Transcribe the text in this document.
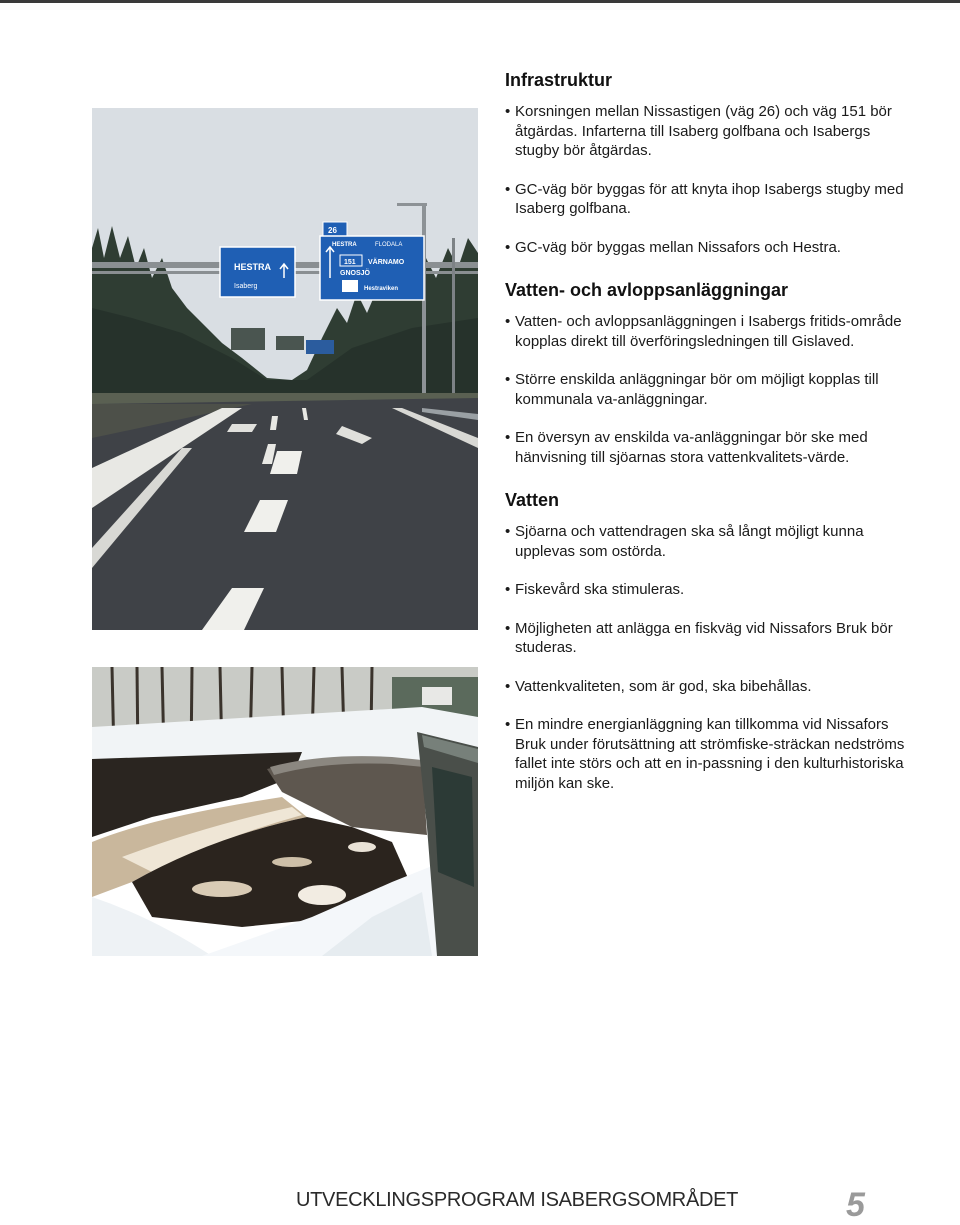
HESTRA
Isaberg
26
HESTRA	FLODALA
151 VÄRNAMO
GNOSJÖ
Hestraviken
Infrastruktur
• Korsningen mellan Nissastigen (väg 26) och väg 151 bör åtgärdas. Infarterna till Isaberg golfbana och Isabergs stugby bör åtgärdas.
• GC-väg bör byggas för att knyta ihop Isabergs stugby med Isaberg golfbana.
• GC-väg bör byggas mellan Nissafors och Hestra.
Vatten- och avloppsanläggningar
• Vatten- och avloppsanläggningen i Isabergs fritids-område kopplas direkt till överföringsledningen till Gislaved.
• Större enskilda anläggningar bör om möjligt kopplas till kommunala va-anläggningar.
• En översyn av enskilda va-anläggningar bör ske med hänvisning till sjöarnas stora vattenkvalitets-värde.
Vatten
• Sjöarna och vattendragen ska så långt möjligt kunna upplevas som ostörda.
• Fiskevård ska stimuleras.
• Möjligheten att anlägga en fiskväg vid Nissafors Bruk bör studeras.
• Vattenkvaliteten, som är god, ska bibehållas.
• En mindre energianläggning kan tillkomma vid Nissafors Bruk under förutsättning att strömfiske-sträckan nedströms fallet inte störs och att en in-passning i den kulturhistoriska miljön kan ske.
UTVECKLINGSPROGRAM ISABERGSOMRÅDET	5
